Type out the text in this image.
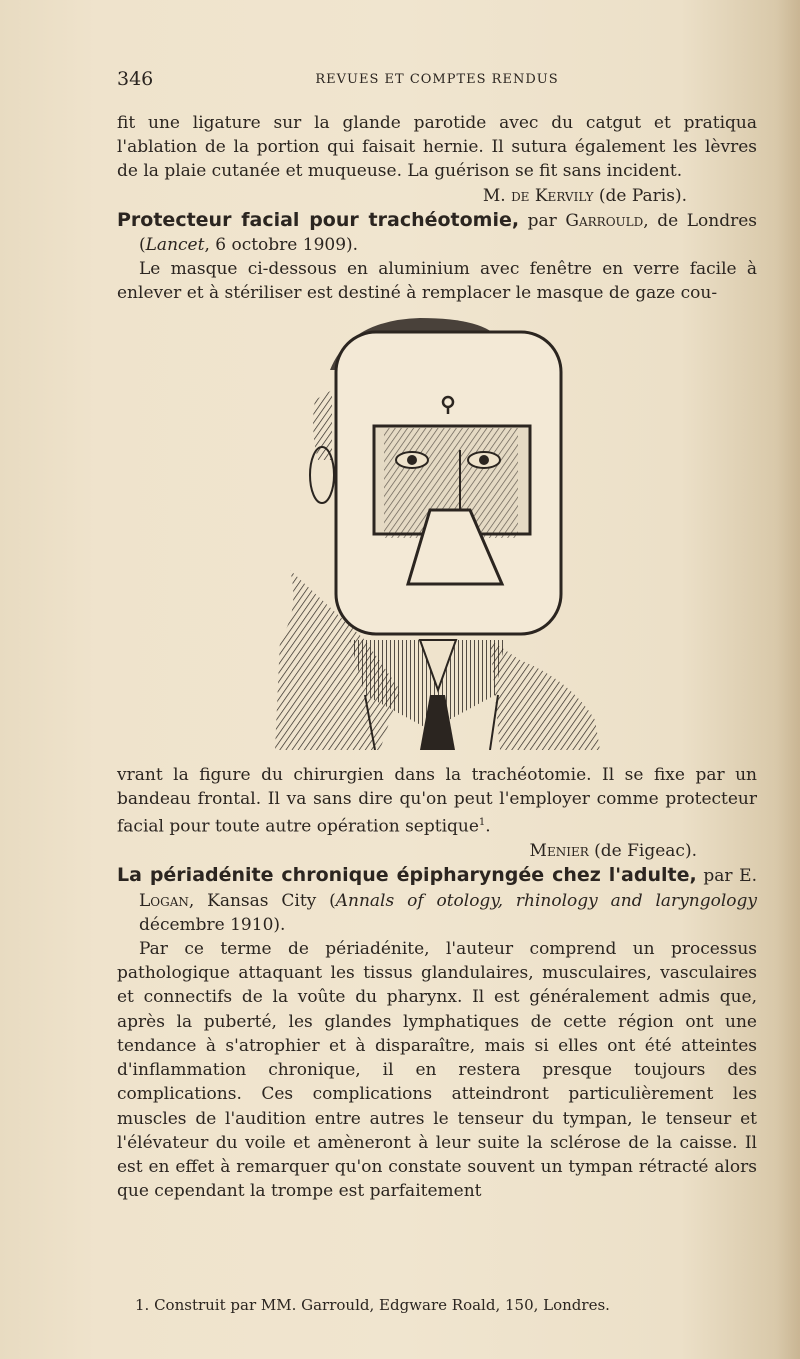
346	REVUES ET COMPTES RENDUS

fit une ligature sur la glande parotide avec du catgut et pratiqua l'ablation de la portion qui faisait hernie. Il sutura également les lèvres de la plaie cutanée et muqueuse. La guérison se fit sans incident.

M. de Kervily (de Paris).

Protecteur facial pour trachéotomie, par Garrould, de Londres (Lancet, 6 octobre 1909).

Le masque ci-dessous en aluminium avec fenêtre en verre facile à enlever et à stériliser est destiné à remplacer le masque de gaze cou-

vrant la figure du chirurgien dans la trachéotomie. Il se fixe par un bandeau frontal. Il va sans dire qu'on peut l'employer comme protecteur facial pour toute autre opération septique$^1$.

Menier (de Figeac).

La périadénite chronique épipharyngée chez l'adulte, par E. Logan, Kansas City (Annals of otology, rhinology and laryngology décembre 1910).

Par ce terme de périadénite, l'auteur comprend un processus pathologique attaquant les tissus glandulaires, musculaires, vasculaires et connectifs de la voûte du pharynx. Il est généralement admis que, après la puberté, les glandes lymphatiques de cette région ont une tendance à s'atrophier et à disparaître, mais si elles ont été atteintes d'inflammation chronique, il en restera presque toujours des complications. Ces complications atteindront particulièrement les muscles de l'audition entre autres le tenseur du tympan, le tenseur et l'élévateur du voile et amèneront à leur suite la sclérose de la caisse. Il est en effet à remarquer qu'on constate souvent un tympan rétracté alors que cependant la trompe est parfaitement

1. Construit par MM. Garrould, Edgware Roald, 150, Londres.
